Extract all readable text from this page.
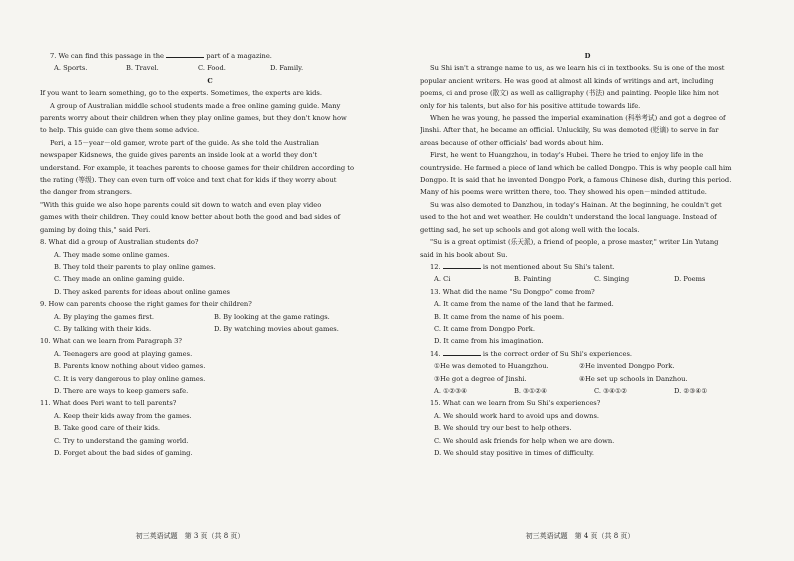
7. We can find this passage in the	part of a magazine.
A. Sports.	B. Travel.	C. Food.	D. Family.
C
If you want to learn something, go to the experts. Sometimes, the experts are kids.
A group of Australian middle school students made a free online gaming guide. Many
parents worry about their children when they play online games, but they don't know how
to help. This guide can give them some advice.
Peri, a 15－year－old gamer, wrote part of the guide. As she told the Australian
newspaper Kidsnews, the guide gives parents an inside look at a world they don't
understand. For example, it teaches parents to choose games for their children according to
the rating (等级). They can even turn off voice and text chat for kids if they worry about
the danger from strangers.
"With this guide we also hope parents could sit down to watch and even play video
games with their children. They could know better about both the good and bad sides of
gaming by doing this," said Peri.
8. What did a group of Australian students do?
A. They made some online games.
B. They told their parents to play online games.
C. They made an online gaming guide.
D. They asked parents for ideas about online games
9. How can parents choose the right games for their children?
A. By playing the games first.	B. By looking at the game ratings.
C. By talking with their kids.	D. By watching movies about games.
10. What can we learn from Paragraph 3?
A. Teenagers are good at playing games.
B. Parents know nothing about video games.
C. It is very dangerous to play online games.
D. There are ways to keep gamers safe.
11. What does Peri want to tell parents?
A. Keep their kids away from the games.
B. Take good care of their kids.
C. Try to understand the gaming world.
D. Forget about the bad sides of gaming.
D
Su Shi isn't a strange name to us, as we learn his ci in textbooks. Su is one of the most
popular ancient writers. He was good at almost all kinds of writings and art, including
poems, ci and prose (散文) as well as calligraphy (书法) and painting. People like him not
only for his talents, but also for his positive attitude towards life.
When he was young, he passed the imperial examination (科举考试) and got a degree of
Jinshi. After that, he became an official. Unluckily, Su was demoted (贬谪) to serve in far
areas because of other officials' bad words about him.
First, he went to Huangzhou, in today's Hubei. There he tried to enjoy life in the
countryside. He farmed a piece of land which be called Dongpo. This is why people call him
Dongpo. It is said that he invented Dongpo Pork, a famous Chinese dish, during this period.
Many of his poems were written there, too. They showed his open－minded attitude.
Su was also demoted to Danzhou, in today's Hainan. At the beginning, he couldn't get
used to the hot and wet weather. He couldn't understand the local language. Instead of
getting sad, he set up schools and got along well with the locals.
"Su is a great optimist (乐天派), a friend of people, a prose master," writer Lin Yutang
said in his book about Su.
12.	is not mentioned about Su Shi's talent.
A. Ci	B. Painting	C. Singing	D. Poems
13. What did the name "Su Dongpo" come from?
A. It came from the name of the land that he farmed.
B. It came from the name of his poem.
C. It came from Dongpo Pork.
D. It came from his imagination.
14.	is the correct order of Su Shi's experiences.
①He was demoted to Huangzhou.	②He invented Dongpo Pork.
③He got a degree of Jinshi.	④He set up schools in Danzhou.
A. ①②③④	B. ③①②④	C. ③④①②	D. ②③④①
15. What can we learn from Su Shi's experiences?
A. We should work hard to avoid ups and downs.
B. We should try our best to help others.
C. We should ask friends for help when we are down.
D. We should stay positive in times of difficulty.
初三英语试题　第 3 页（共 8 页）	初三英语试题　第 4 页（共 8 页）
